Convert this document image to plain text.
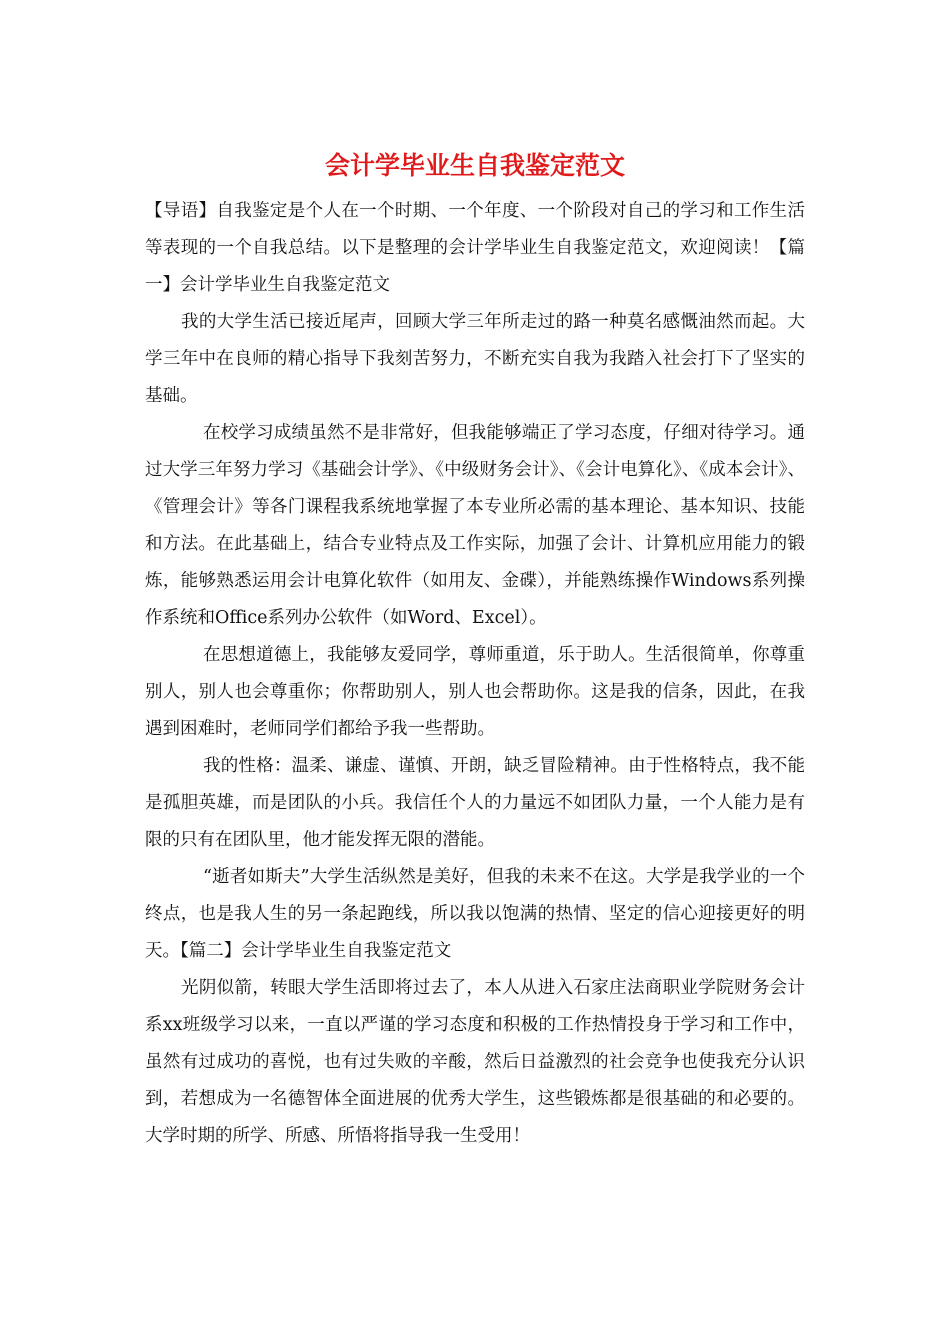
会计学毕业生自我鉴定范文

【导语】自我鉴定是个人在一个时期、一个年度、一个阶段对自己的学习和工作生活等表现的一个自我总结。以下是整理的会计学毕业生自我鉴定范文，欢迎阅读！【篇一】会计学毕业生自我鉴定范文

我的大学生活已接近尾声，回顾大学三年所走过的路一种莫名感慨油然而起。大学三年中在良师的精心指导下我刻苦努力，不断充实自我为我踏入社会打下了坚实的基础。

在校学习成绩虽然不是非常好，但我能够端正了学习态度，仔细对待学习。通过大学三年努力学习《基础会计学》、《中级财务会计》、《会计电算化》、《成本会计》、《管理会计》等各门课程我系统地掌握了本专业所必需的基本理论、基本知识、技能和方法。在此基础上，结合专业特点及工作实际，加强了会计、计算机应用能力的锻炼，能够熟悉运用会计电算化软件（如用友、金碟），并能熟练操作Windows系列操作系统和Office系列办公软件（如Word、Excel）。

在思想道德上，我能够友爱同学，尊师重道，乐于助人。生活很简单，你尊重别人，别人也会尊重你；你帮助别人，别人也会帮助你。这是我的信条，因此，在我遇到困难时，老师同学们都给予我一些帮助。

我的性格：温柔、谦虚、谨慎、开朗，缺乏冒险精神。由于性格特点，我不能是孤胆英雄，而是团队的小兵。我信任个人的力量远不如团队力量，一个人能力是有限的只有在团队里，他才能发挥无限的潜能。

“逝者如斯夫”大学生活纵然是美好，但我的未来不在这。大学是我学业的一个终点，也是我人生的另一条起跑线，所以我以饱满的热情、坚定的信心迎接更好的明天。【篇二】会计学毕业生自我鉴定范文

光阴似箭，转眼大学生活即将过去了，本人从进入石家庄法商职业学院财务会计系xx班级学习以来，一直以严谨的学习态度和积极的工作热情投身于学习和工作中，虽然有过成功的喜悦，也有过失败的辛酸，然后日益激烈的社会竞争也使我充分认识到，若想成为一名德智体全面进展的优秀大学生，这些锻炼都是很基础的和必要的。大学时期的所学、所感、所悟将指导我一生受用！
